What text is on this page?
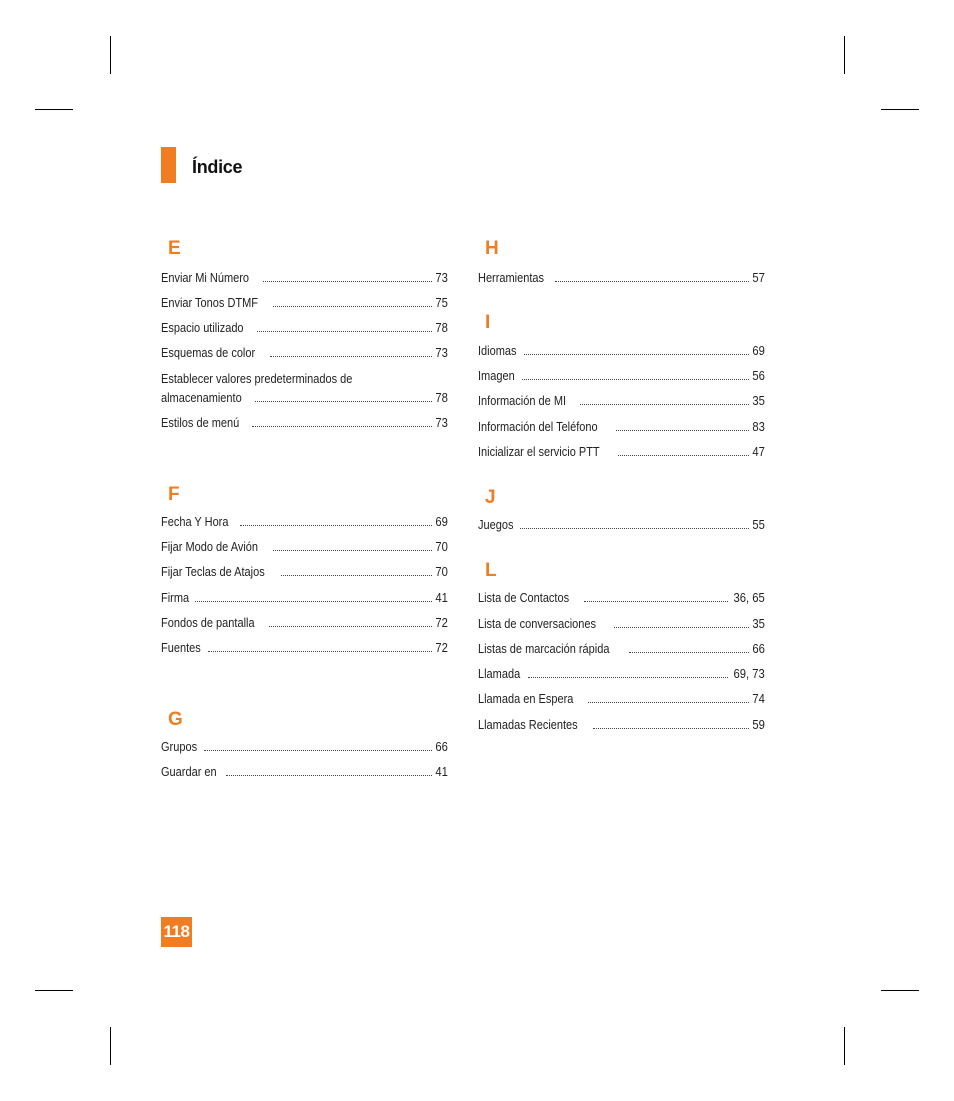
Índice
E
Enviar Mi Número	73
Enviar Tonos DTMF	75
Espacio utilizado	78
Esquemas de color	73
Establecer valores predeterminados de
almacenamiento	78
Estilos de menú	73
F
Fecha Y Hora	69
Fijar Modo de Avión	70
Fijar Teclas de Atajos	70
Firma	41
Fondos de pantalla	72
Fuentes	72
G
Grupos	66
Guardar en	41
H
Herramientas	57
I
Idiomas	69
Imagen	56
Información de MI	35
Información del Teléfono	83
Inicializar el servicio PTT	47
J
Juegos	55
L
Lista de Contactos	36, 65
Lista de conversaciones	35
Listas de marcación rápida	66
Llamada	69, 73
Llamada en Espera	74
Llamadas Recientes	59
118
